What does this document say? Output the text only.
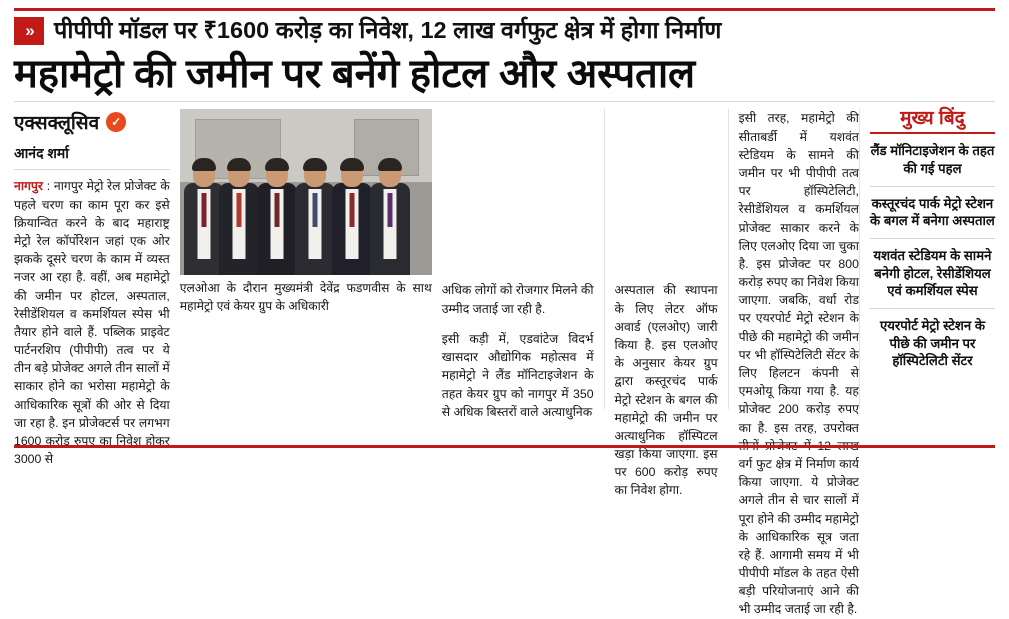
» पीपीपी मॉडल पर ₹1600 करोड़ का निवेश, 12 लाख वर्गफुट क्षेत्र में होगा निर्माण
महामेट्रो की जमीन पर बनेंगे होटल और अस्पताल
एक्सक्लूसिव ✓
आनंद शर्मा

नागपुर : नागपुर मेट्रो रेल प्रोजेक्ट के पहले चरण का काम पूरा कर इसे क्रियान्वित करने के बाद महाराष्ट्र मेट्रो रेल कॉर्पोरेशन जहां एक ओर झकके दूसरे चरण के काम में व्यस्त नजर आ रहा है. वहीं, अब महामेट्रो की जमीन पर होटल, अस्पताल, रेसीडेंशियल व कमर्शियल स्पेस भी तैयार होने वाले हैं. पब्लिक प्राइवेट पार्टनरशिप (पीपीपी) तत्व पर ये तीन बड़े प्रोजेक्ट अगले तीन सालों में साकार होने का भरोसा महामेट्रो के आधिकारिक सूत्रों की ओर से दिया जा रहा है. इन प्रोजेक्टर्स पर लगभग 1600 करोड़ रुपए का निवेश होकर 3000 से

एलओआ के दौरान मुख्यमंत्री देवेंद्र फडणवीस के साथ महामेट्रो एवं केयर ग्रुप के अधिकारी

अधिक लोगों को रोजगार मिलने की उम्मीद जताई जा रही है.

इसी कड़ी में, एडवांटेज विदर्भ खासदार औद्योगिक महोत्सव में महामेट्रो ने लैंड मॉनिटाइजेशन के तहत केयर ग्रुप को नागपुर में 350 से अधिक बिस्तरों वाले अत्याधुनिक

अस्पताल की स्थापना के लिए लेटर ऑफ अवार्ड (एलओए) जारी किया है. इस एलओए के अनुसार केयर ग्रुप द्वारा कस्तूरचंद पार्क मेट्रो स्टेशन के बगल की महामेट्रो की जमीन पर अत्याधुनिक हॉस्पिटल खड़ा किया जाएगा. इस पर 600 करोड़ रुपए का निवेश होगा.

इसी तरह, महामेट्रो की सीताबर्डी में यशवंत स्टेडियम के सामने की जमीन पर भी पीपीपी तत्व पर हॉस्पिटेलिटी, रेसीडेंशियल व कमर्शियल प्रोजेक्ट साकार करने के लिए एलओए दिया जा चुका है. इस प्रोजेक्ट पर 800 करोड़ रुपए का निवेश किया जाएगा. जबकि, वर्धा रोड पर एयरपोर्ट मेट्रो स्टेशन के पीछे की महामेट्रो की जमीन पर भी हॉस्पिटेलिटी सेंटर के लिए हिलटन कंपनी से एमओयू किया गया है. यह प्रोजेक्ट 200 करोड़ रुपए का है. इस तरह, उपरोक्त तीनों प्रोजेक्ट में 12 लाख वर्ग फुट क्षेत्र में निर्माण कार्य किया जाएगा. ये प्रोजेक्ट अगले तीन से चार सालों में पूरा होने की उम्मीद महामेट्रो के आधिकारिक सूत्र जता रहे हैं. आगामी समय में भी पीपीपी मॉडल के तहत ऐसी बड़ी परियोजनाएं आने की भी उम्मीद जताई जा रही है.

मुख्य बिंदु
लैंड मॉनिटाइजेशन के तहत की गई पहल
कस्तूरचंद पार्क मेट्रो स्टेशन के बगल में बनेगा अस्पताल
यशवंत स्टेडियम के सामने बनेगी होटल, रेसीडेंशियल एवं कमर्शियल स्पेस
एयरपोर्ट मेट्रो स्टेशन के पीछे की जमीन पर हॉस्पिटेलिटी सेंटर
